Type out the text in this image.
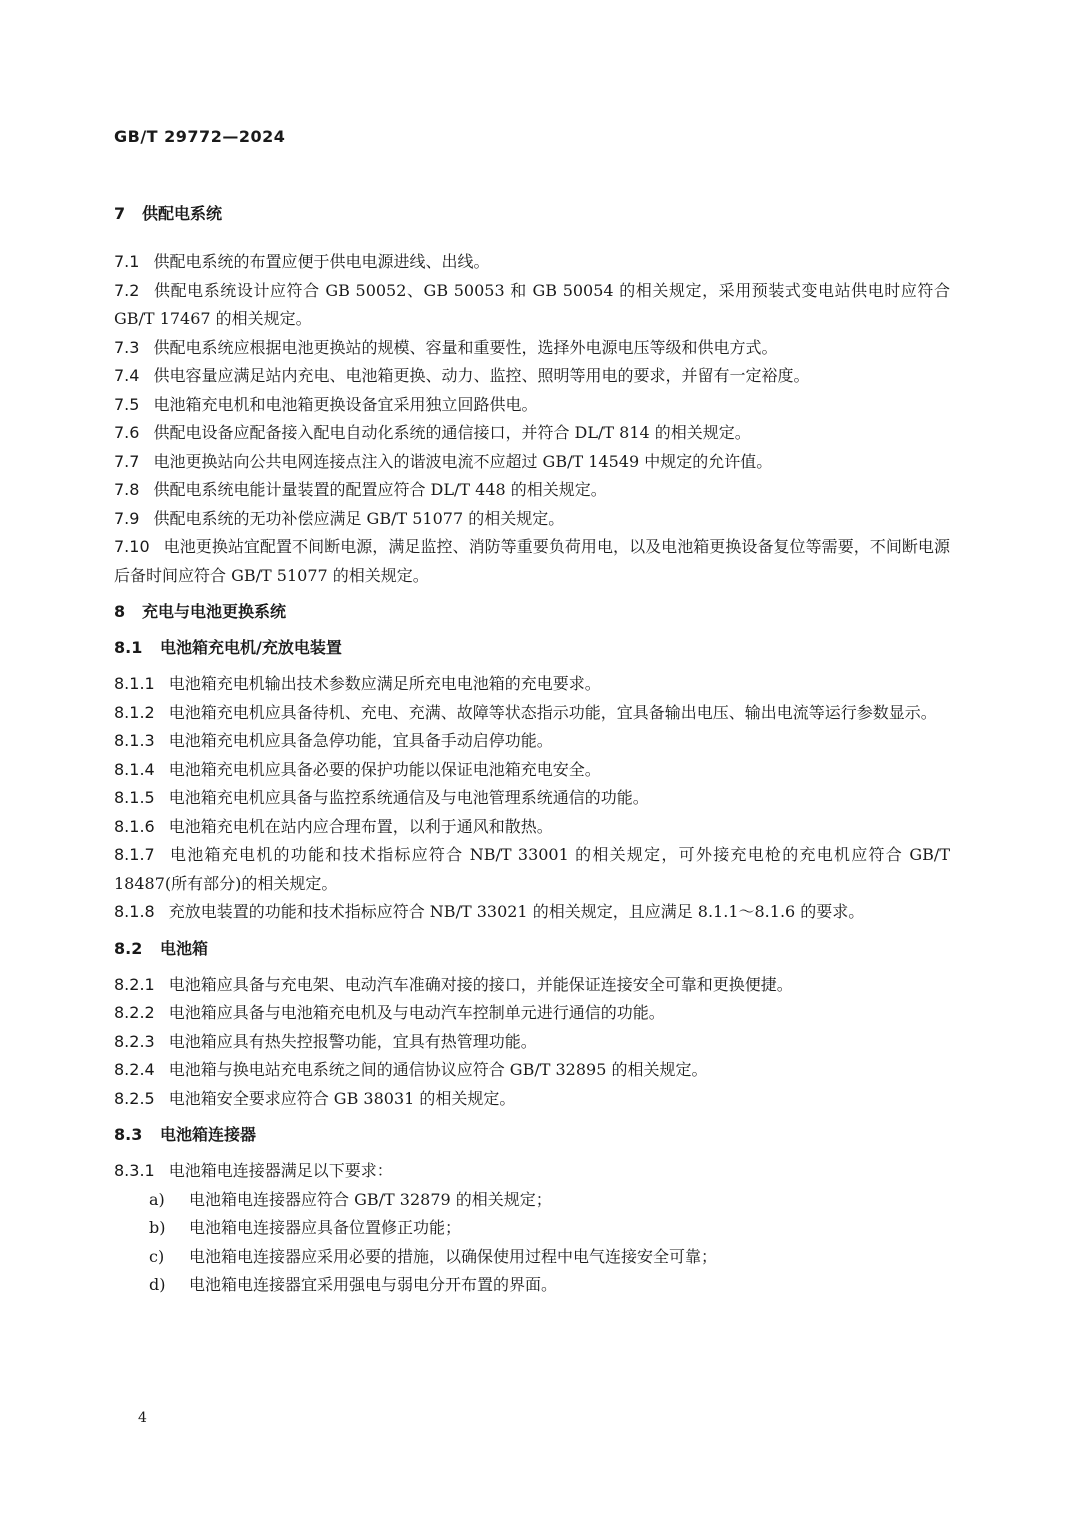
GB/T 29772—2024
7 供配电系统
7.1 供配电系统的布置应便于供电电源进线、出线。
7.2 供配电系统设计应符合 GB 50052、GB 50053 和 GB 50054 的相关规定，采用预装式变电站供电时应符合 GB/T 17467 的相关规定。
7.3 供配电系统应根据电池更换站的规模、容量和重要性，选择外电源电压等级和供电方式。
7.4 供电容量应满足站内充电、电池箱更换、动力、监控、照明等用电的要求，并留有一定裕度。
7.5 电池箱充电机和电池箱更换设备宜采用独立回路供电。
7.6 供配电设备应配备接入配电自动化系统的通信接口，并符合 DL/T 814 的相关规定。
7.7 电池更换站向公共电网连接点注入的谐波电流不应超过 GB/T 14549 中规定的允许值。
7.8 供配电系统电能计量装置的配置应符合 DL/T 448 的相关规定。
7.9 供配电系统的无功补偿应满足 GB/T 51077 的相关规定。
7.10 电池更换站宜配置不间断电源，满足监控、消防等重要负荷用电，以及电池箱更换设备复位等需要，不间断电源后备时间应符合 GB/T 51077 的相关规定。
8 充电与电池更换系统
8.1 电池箱充电机/充放电装置
8.1.1 电池箱充电机输出技术参数应满足所充电电池箱的充电要求。
8.1.2 电池箱充电机应具备待机、充电、充满、故障等状态指示功能，宜具备输出电压、输出电流等运行参数显示。
8.1.3 电池箱充电机应具备急停功能，宜具备手动启停功能。
8.1.4 电池箱充电机应具备必要的保护功能以保证电池箱充电安全。
8.1.5 电池箱充电机应具备与监控系统通信及与电池管理系统通信的功能。
8.1.6 电池箱充电机在站内应合理布置，以利于通风和散热。
8.1.7 电池箱充电机的功能和技术指标应符合 NB/T 33001 的相关规定，可外接充电枪的充电机应符合 GB/T 18487(所有部分)的相关规定。
8.1.8 充放电装置的功能和技术指标应符合 NB/T 33021 的相关规定，且应满足 8.1.1～8.1.6 的要求。
8.2 电池箱
8.2.1 电池箱应具备与充电架、电动汽车准确对接的接口，并能保证连接安全可靠和更换便捷。
8.2.2 电池箱应具备与电池箱充电机及与电动汽车控制单元进行通信的功能。
8.2.3 电池箱应具有热失控报警功能，宜具有热管理功能。
8.2.4 电池箱与换电站充电系统之间的通信协议应符合 GB/T 32895 的相关规定。
8.2.5 电池箱安全要求应符合 GB 38031 的相关规定。
8.3 电池箱连接器
8.3.1 电池箱电连接器满足以下要求：
a) 电池箱电连接器应符合 GB/T 32879 的相关规定；
b) 电池箱电连接器应具备位置修正功能；
c) 电池箱电连接器应采用必要的措施，以确保使用过程中电气连接安全可靠；
d) 电池箱电连接器宜采用强电与弱电分开布置的界面。
4
